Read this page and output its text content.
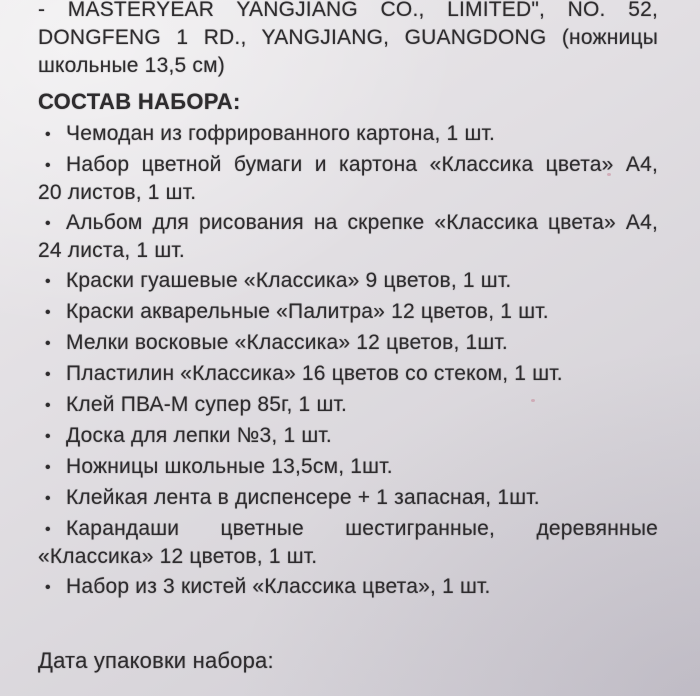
- MASTERYEAR YANGJIANG CO., LIMITED", NO. 52,
DONGFENG 1 RD., YANGJIANG, GUANGDONG (ножницы
школьные 13,5 см)
СОСТАВ НАБОРА:
• Чемодан из гофрированного картона, 1 шт.
• Набор цветной бумаги и картона «Классика цвета» А4,
20 листов, 1 шт.
• Альбом для рисования на скрепке «Классика цвета» А4,
24 листа, 1 шт.
• Краски гуашевые «Классика» 9 цветов, 1 шт.
• Краски акварельные «Палитра» 12 цветов, 1 шт.
• Мелки восковые «Классика» 12 цветов, 1шт.
• Пластилин «Классика» 16 цветов со стеком, 1 шт.
• Клей ПВА-М супер 85г, 1 шт.
• Доска для лепки №3, 1 шт.
• Ножницы школьные 13,5см, 1шт.
• Клейкая лента в диспенсере + 1 запасная, 1шт.
• Карандаши цветные шестигранные, деревянные
«Классика» 12 цветов, 1 шт.
• Набор из 3 кистей «Классика цвета», 1 шт.
Дата упаковки набора:
